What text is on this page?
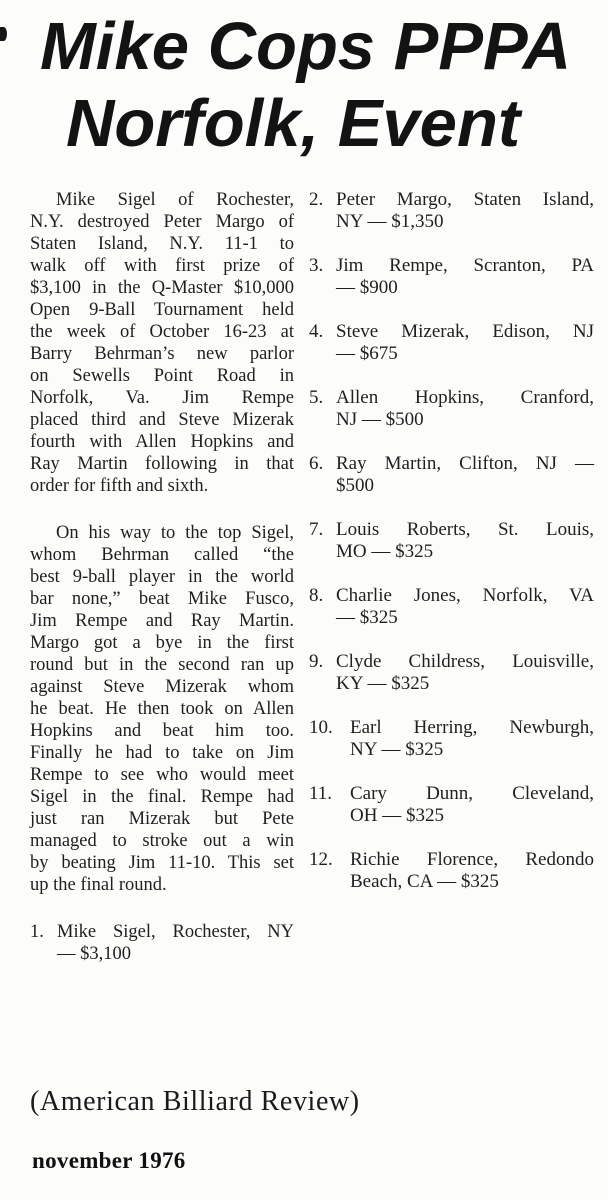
Mike Cops PPPA
Norfolk, Event
Mike Sigel of Rochester,
N.Y. destroyed Peter Margo of
Staten Island, N.Y. 11-1 to
walk off with first prize of
$3,100 in the Q-Master $10,000
Open 9-Ball Tournament held
the week of October 16-23 at
Barry Behrman’s new parlor
on Sewells Point Road in
Norfolk, Va. Jim Rempe
placed third and Steve Mizerak
fourth with Allen Hopkins and
Ray Martin following in that
order for fifth and sixth.
On his way to the top Sigel,
whom Behrman called “the
best 9-ball player in the world
bar none,” beat Mike Fusco,
Jim Rempe and Ray Martin.
Margo got a bye in the first
round but in the second ran up
against Steve Mizerak whom
he beat. He then took on Allen
Hopkins and beat him too.
Finally he had to take on Jim
Rempe to see who would meet
Sigel in the final. Rempe had
just ran Mizerak but Pete
managed to stroke out a win
by beating Jim 11-10. This set
up the final round.
1. Mike Sigel, Rochester, NY
— $3,100
2. Peter Margo, Staten Island,
NY — $1,350
3. Jim Rempe, Scranton, PA
— $900
4. Steve Mizerak, Edison, NJ
— $675
5. Allen Hopkins, Cranford,
NJ — $500
6. Ray Martin, Clifton, NJ —
$500
7. Louis Roberts, St. Louis,
MO — $325
8. Charlie Jones, Norfolk, VA
— $325
9. Clyde Childress, Louisville,
KY — $325
10. Earl Herring, Newburgh,
NY — $325
11. Cary Dunn, Cleveland,
OH — $325
12. Richie Florence, Redondo
Beach, CA — $325
(American Billiard Review)
november 1976
